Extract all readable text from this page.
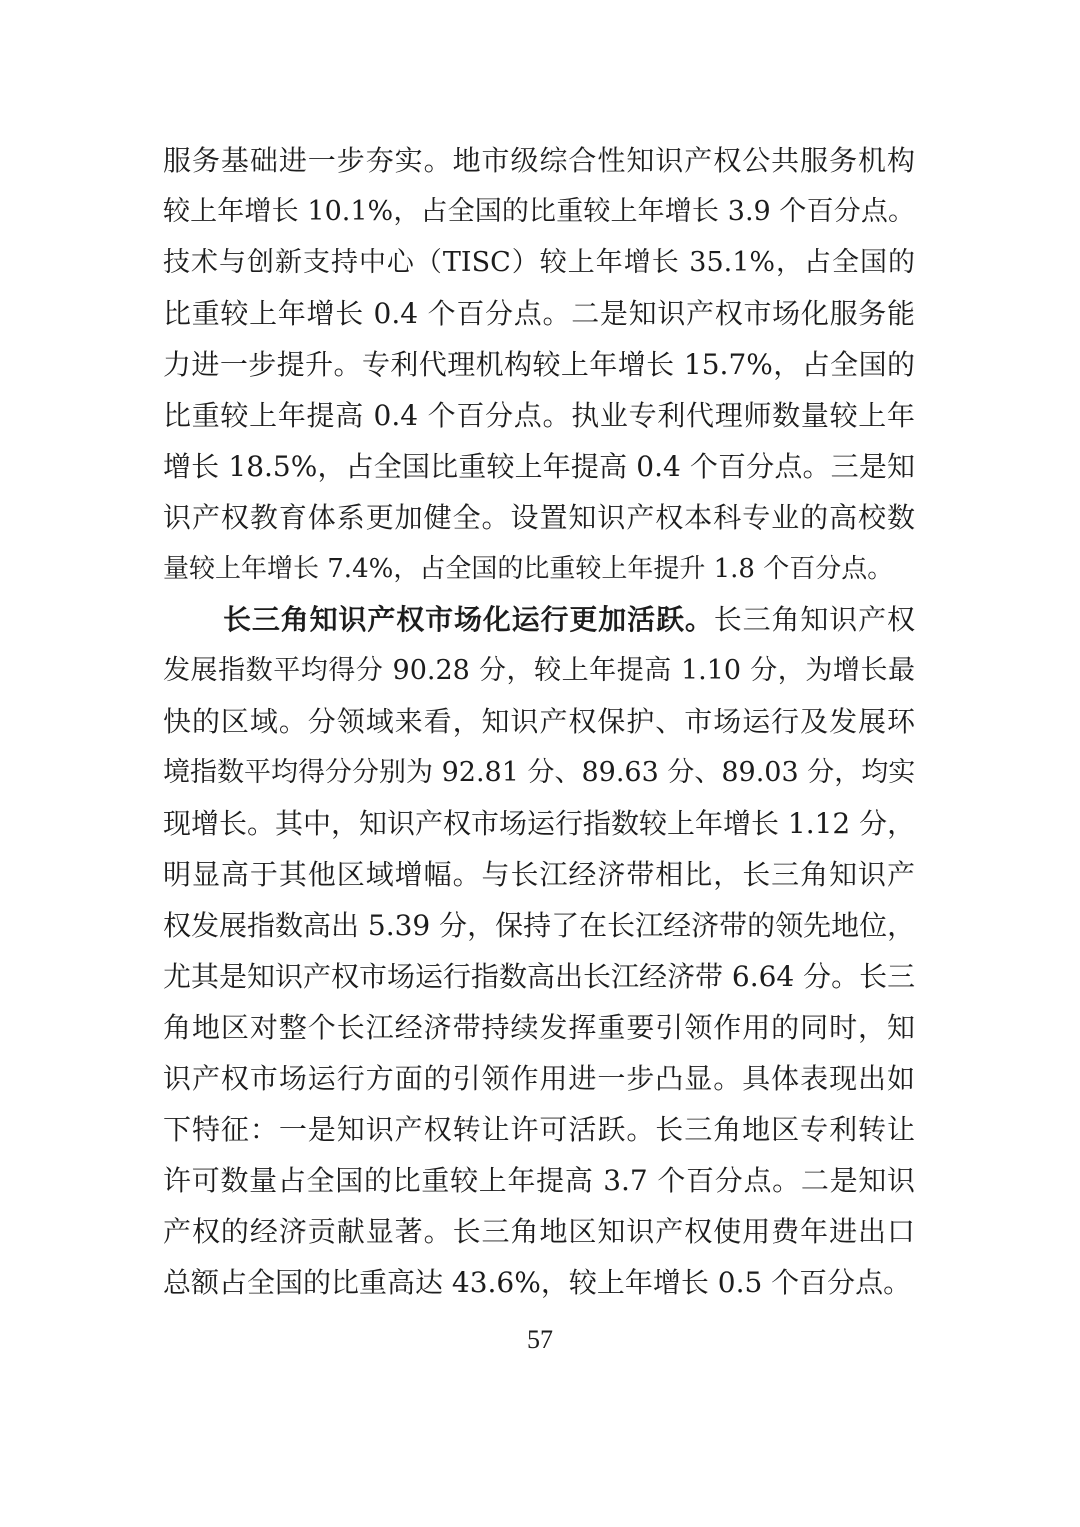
服务基础进一步夯实。地市级综合性知识产权公共服务机构
较上年增长 10.1%，占全国的比重较上年增长 3.9 个百分点。
技术与创新支持中心（TISC）较上年增长 35.1%，占全国的
比重较上年增长 0.4 个百分点。二是知识产权市场化服务能
力进一步提升。专利代理机构较上年增长 15.7%，占全国的
比重较上年提高 0.4 个百分点。执业专利代理师数量较上年
增长 18.5%，占全国比重较上年提高 0.4 个百分点。三是知
识产权教育体系更加健全。设置知识产权本科专业的高校数
量较上年增长 7.4%，占全国的比重较上年提升 1.8 个百分点。
长三角知识产权市场化运行更加活跃。长三角知识产权
发展指数平均得分 90.28 分，较上年提高 1.10 分，为增长最
快的区域。分领域来看，知识产权保护、市场运行及发展环
境指数平均得分分别为 92.81 分、89.63 分、89.03 分，均实
现增长。其中，知识产权市场运行指数较上年增长 1.12 分，
明显高于其他区域增幅。与长江经济带相比，长三角知识产
权发展指数高出 5.39 分，保持了在长江经济带的领先地位，
尤其是知识产权市场运行指数高出长江经济带 6.64 分。长三
角地区对整个长江经济带持续发挥重要引领作用的同时，知
识产权市场运行方面的引领作用进一步凸显。具体表现出如
下特征：一是知识产权转让许可活跃。长三角地区专利转让
许可数量占全国的比重较上年提高 3.7 个百分点。二是知识
产权的经济贡献显著。长三角地区知识产权使用费年进出口
总额占全国的比重高达 43.6%，较上年增长 0.5 个百分点。
57
